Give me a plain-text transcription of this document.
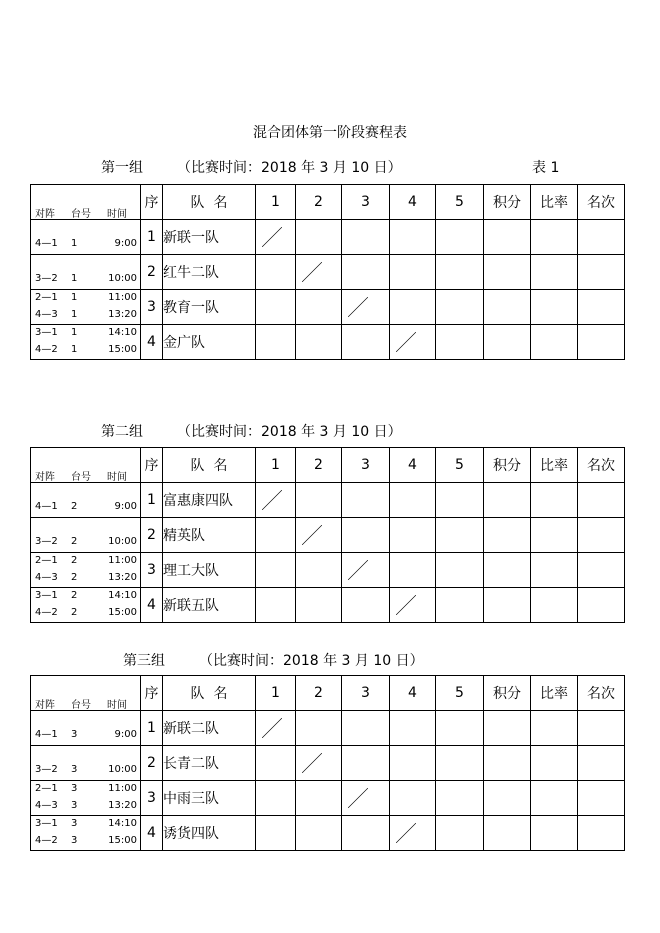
混合团体第一阶段赛程表
第一组 （比赛时间：2018 年 3 月 10 日）	表 1
对阵 台号 时间	序	队  名	1	2	3	4	5	积分	比率	名次

4—1 1 9:00	1	新联一队								

3—2 1 10:00	2	红牛二队								

2—1 1 11:00
4—3 1 13:20	3	教育一队								

3—1 1 14:10
4—2 1 15:00	4	金广队								
第二组 （比赛时间：2018 年 3 月 10 日）
对阵 台号 时间	序	队  名	1	2	3	4	5	积分	比率	名次

4—1 2 9:00	1	富惠康四队								

3—2 2 10:00	2	精英队								

2—1 2 11:00
4—3 2 13:20	3	理工大队								

3—1 2 14:10
4—2 2 15:00	4	新联五队								
第三组 （比赛时间：2018 年 3 月 10 日）
对阵 台号 时间	序	队  名	1	2	3	4	5	积分	比率	名次

4—1 3 9:00	1	新联二队								

3—2 3 10:00	2	长青二队								

2—1 3 11:00
4—3 3 13:20	3	中雨三队								

3—1 3 14:10
4—2 3 15:00	4	诱货四队								
